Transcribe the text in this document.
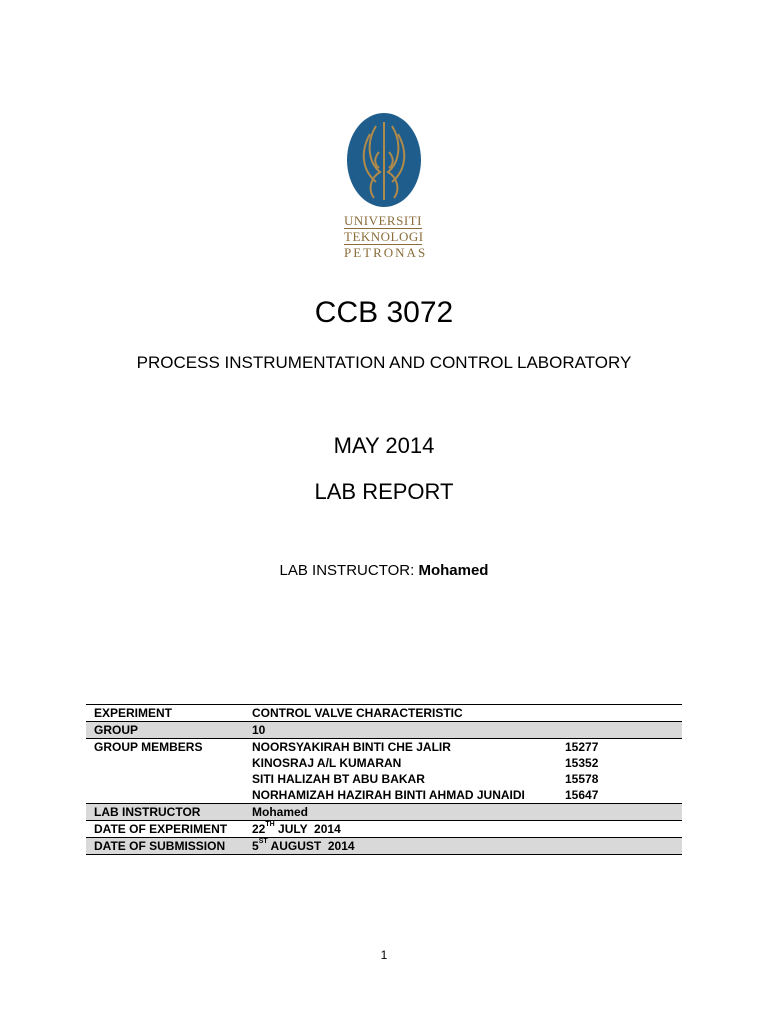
UNIVERSITI
TEKNOLOGI
PETRONAS
CCB 3072
PROCESS INSTRUMENTATION AND CONTROL LABORATORY
MAY 2014
LAB REPORT
LAB INSTRUCTOR: Mohamed
EXPERIMENT	CONTROL VALVE CHARACTERISTIC	
GROUP	10	
GROUP MEMBERS	NOORSYAKIRAH BINTI CHE JALIR	15277
	KINOSRAJ A/L KUMARAN	15352
	SITI HALIZAH BT ABU BAKAR	15578
	NORHAMIZAH HAZIRAH BINTI AHMAD JUNAIDI	15647
LAB INSTRUCTOR	Mohamed	
DATE OF EXPERIMENT	22TH JULY  2014	
DATE OF SUBMISSION	5ST AUGUST  2014	
1
